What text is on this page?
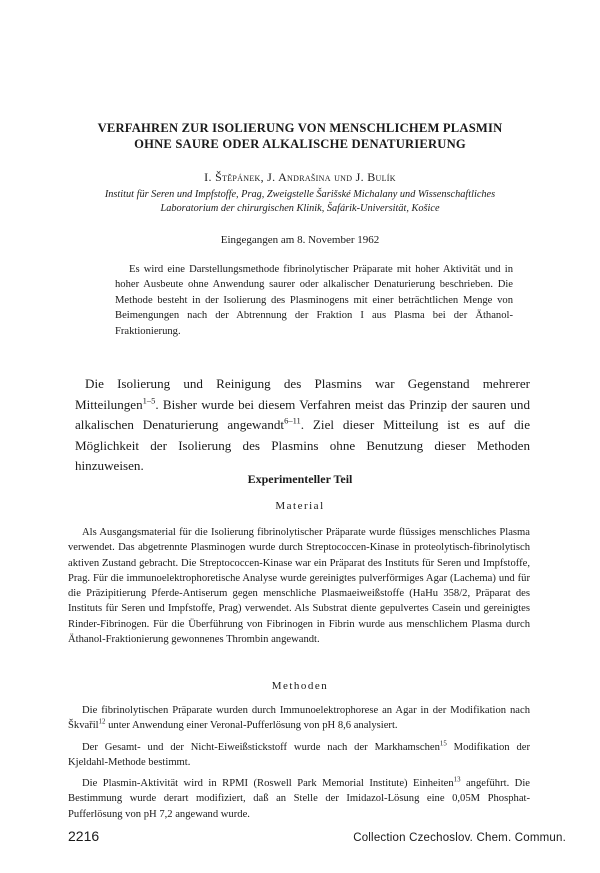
VERFAHREN ZUR ISOLIERUNG VON MENSCHLICHEM PLASMIN
OHNE SAURE ODER ALKALISCHE DENATURIERUNG
I. Štěpánek, J. Andrašina und J. Bulík
Institut für Seren und Impfstoffe, Prag, Zweigstelle Šarišské Michalany und Wissenschaftliches
Laboratorium der chirurgischen Klinik, Šafárik-Universität, Košice
Eingegangen am 8. November 1962

Es wird eine Darstellungsmethode fibrinolytischer Präparate mit hoher Aktivität und in hoher Ausbeute ohne Anwendung saurer oder alkalischer Denaturierung beschrieben. Die Methode besteht in der Isolierung des Plasminogens mit einer beträchtlichen Menge von Beimengungen nach der Abtrennung der Fraktion I aus Plasma bei der Äthanol-Fraktionierung.

Die Isolierung und Reinigung des Plasmins war Gegenstand mehrerer Mitteilungen$^{1-5}$. Bisher wurde bei diesem Verfahren meist das Prinzip der sauren und alkalischen Denaturierung angewandt$^{6-11}$. Ziel dieser Mitteilung ist es auf die Möglichkeit der Isolierung des Plasmins ohne Benutzung dieser Methoden hinzuweisen.

Experimenteller Teil
Material

Als Ausgangsmaterial für die Isolierung fibrinolytischer Präparate wurde flüssiges menschliches Plasma verwendet. Das abgetrennte Plasminogen wurde durch Streptococcen-Kinase in proteolytisch-fibrinolytisch aktiven Zustand gebracht. Die Streptococcen-Kinase war ein Präparat des Instituts für Seren und Impfstoffe, Prag. Für die immunoelektrophoretische Analyse wurde gereinigtes pulverförmiges Agar (Lachema) und für die Präzipitierung Pferde-Antiserum gegen menschliche Plasmaeiweißstoffe (HaHu 358/2, Präparat des Instituts für Seren und Impfstoffe, Prag) verwendet. Als Substrat diente gepulvertes Casein und gereinigtes Rinder-Fibrinogen. Für die Überführung von Fibrinogen in Fibrin wurde aus menschlichem Plasma durch Äthanol-Fraktionierung gewonnenes Thrombin angewandt.

Methoden

Die fibrinolytischen Präparate wurden durch Immunoelektrophorese an Agar in der Modifikation nach Škvařil$^{12}$ unter Anwendung einer Veronal-Pufferlösung von pH 8,6 analysiert.

Der Gesamt- und der Nicht-Eiweißstickstoff wurde nach der Markhamschen$^{15}$ Modifikation der Kjeldahl-Methode bestimmt.

Die Plasmin-Aktivität wird in RPMI (Roswell Park Memorial Institute) Einheiten$^{13}$ angeführt. Die Bestimmung wurde derart modifiziert, daß an Stelle der Imidazol-Lösung eine 0,05M Phosphat-Pufferlösung von pH 7,2 angewand wurde.

2216	Collection Czechoslov. Chem. Commun.
